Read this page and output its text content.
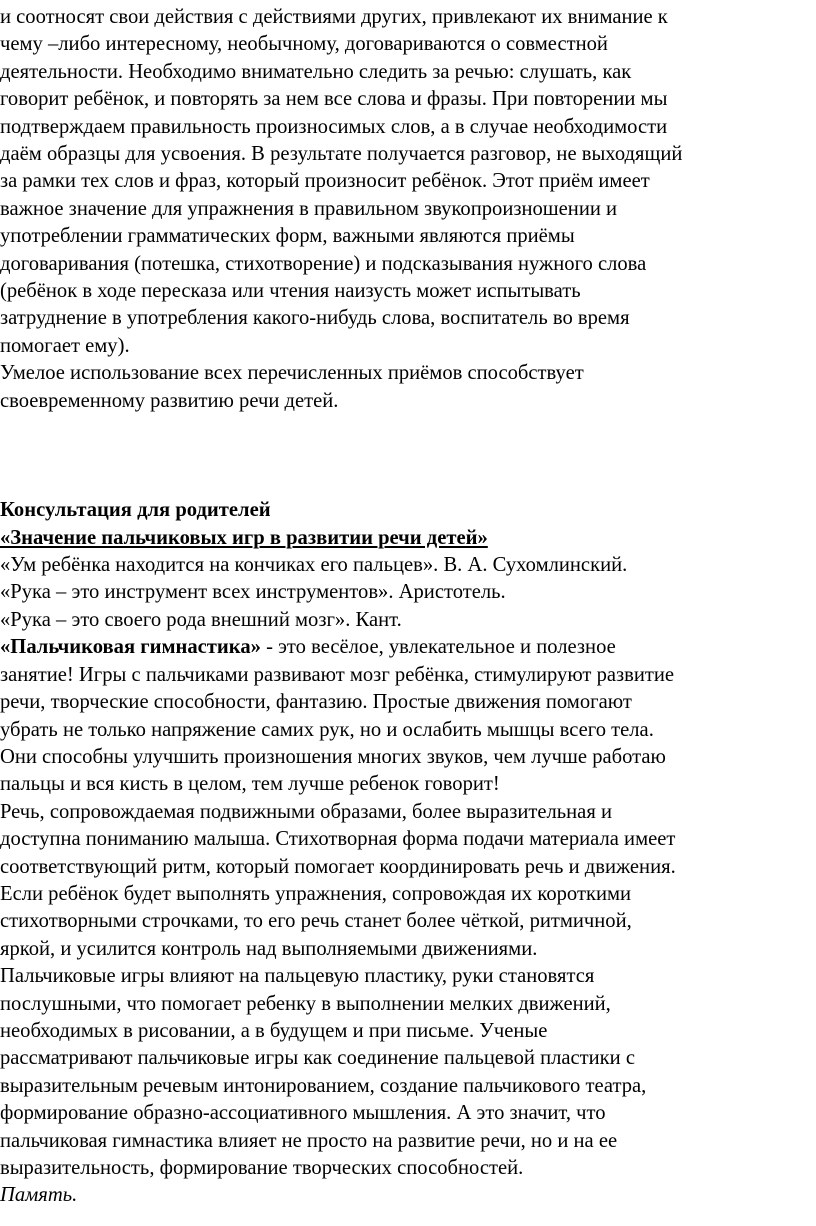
и соотносят свои действия с действиями других, привлекают их внимание к
чему –либо интересному, необычному, договариваются о совместной
деятельности. Необходимо внимательно следить за речью: слушать, как
говорит ребёнок, и повторять за нем все слова и фразы. При повторении мы
подтверждаем правильность произносимых слов, а в случае необходимости
даём образцы для усвоения. В результате получается разговор, не выходящий
за рамки тех слов и фраз, который произносит ребёнок. Этот приём имеет
важное значение для упражнения в правильном звукопроизношении и
употреблении грамматических форм, важными являются приёмы
договаривания (потешка, стихотворение) и подсказывания нужного слова
(ребёнок в ходе пересказа или чтения наизусть может испытывать
затруднение в употребления какого-нибудь слова, воспитатель во время
помогает ему).
Умелое использование всех перечисленных приёмов способствует
своевременному развитию речи детей.
Консультация для родителей
«Значение пальчиковых игр в развитии речи детей»
«Ум ребёнка находится на кончиках его пальцев». В. А. Сухомлинский.
«Рука – это инструмент всех инструментов». Аристотель.
«Рука – это своего рода внешний мозг». Кант.
«Пальчиковая гимнастика» - это весёлое, увлекательное и полезное
занятие! Игры с пальчиками развивают мозг ребёнка, стимулируют развитие
речи, творческие способности, фантазию. Простые движения помогают
убрать не только напряжение самих рук, но и ослабить мышцы всего тела.
Они способны улучшить произношения многих звуков, чем лучше работаю
пальцы и вся кисть в целом, тем лучше ребенок говорит!
Речь, сопровождаемая подвижными образами, более выразительная и
доступна пониманию малыша. Стихотворная форма подачи материала имеет
соответствующий ритм, который помогает координировать речь и движения.
Если ребёнок будет выполнять упражнения, сопровождая их короткими
стихотворными строчками, то его речь станет более чёткой, ритмичной,
яркой, и усилится контроль над выполняемыми движениями.
Пальчиковые игры влияют на пальцевую пластику, руки становятся
послушными, что помогает ребенку в выполнении мелких движений,
необходимых в рисовании, а в будущем и при письме. Ученые
рассматривают пальчиковые игры как соединение пальцевой пластики с
выразительным речевым интонированием, создание пальчикового театра,
формирование образно-ассоциативного мышления. А это значит, что
пальчиковая гимнастика влияет не просто на развитие речи, но и на ее
выразительность, формирование творческих способностей.
Память.
